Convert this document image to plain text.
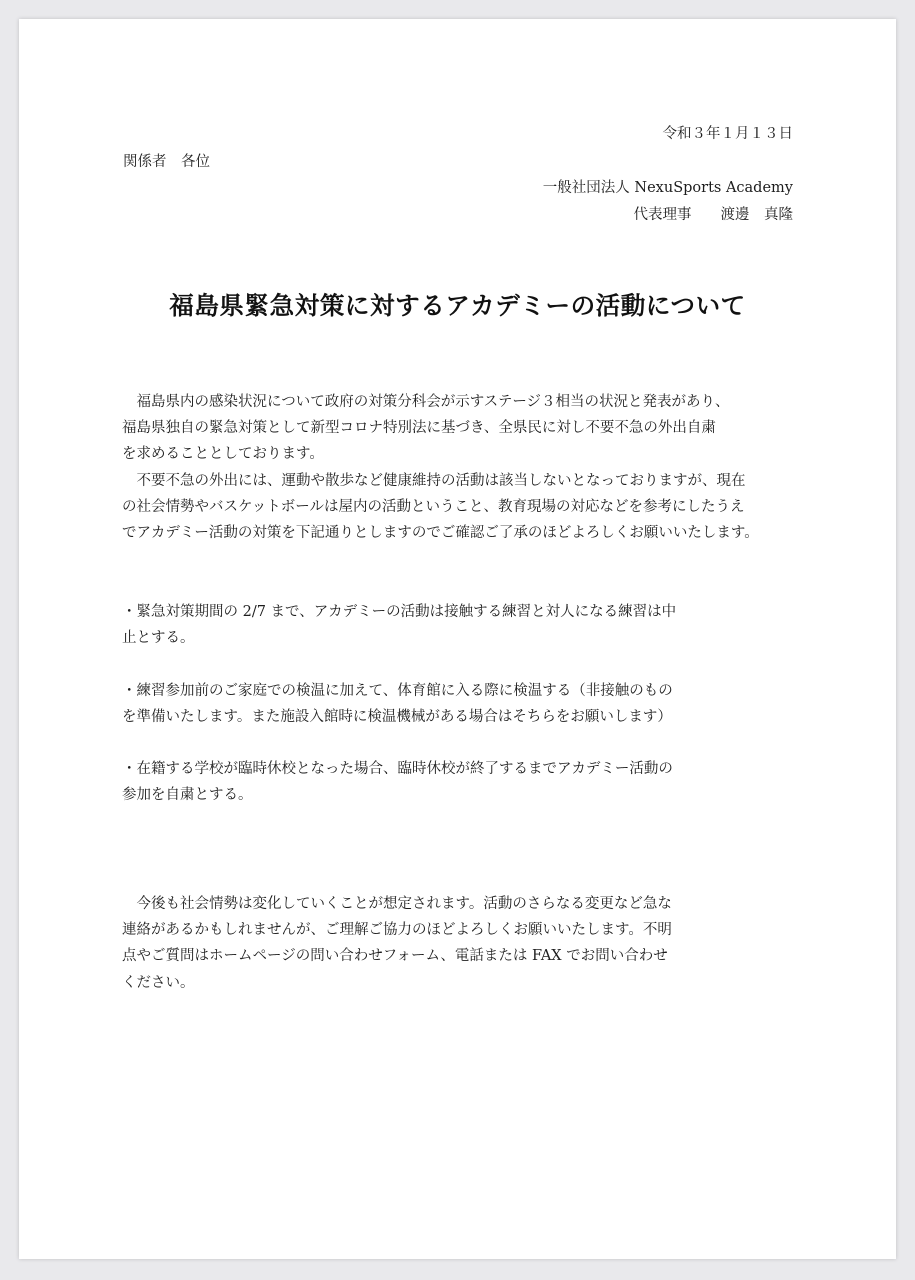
令和３年１月１３日

関係者　各位

一般社団法人 NexuSports Academy

代表理事　　渡邊　真隆

福島県緊急対策に対するアカデミーの活動について
　福島県内の感染状況について政府の対策分科会が示すステージ３相当の状況と発表があり、
福島県独自の緊急対策として新型コロナ特別法に基づき、全県民に対し不要不急の外出自粛
を求めることとしております。
　不要不急の外出には、運動や散歩など健康維持の活動は該当しないとなっておりますが、現在
の社会情勢やバスケットボールは屋内の活動ということ、教育現場の対応などを参考にしたうえ
でアカデミー活動の対策を下記通りとしますのでご確認ご了承のほどよろしくお願いいたします。
・緊急対策期間の 2/7 まで、アカデミーの活動は接触する練習と対人になる練習は中
止とする。
・練習参加前のご家庭での検温に加えて、体育館に入る際に検温する（非接触のもの
を準備いたします。また施設入館時に検温機械がある場合はそちらをお願いします）
・在籍する学校が臨時休校となった場合、臨時休校が終了するまでアカデミー活動の
参加を自粛とする。
　今後も社会情勢は変化していくことが想定されます。活動のさらなる変更など急な
連絡があるかもしれませんが、ご理解ご協力のほどよろしくお願いいたします。不明
点やご質問はホームページの問い合わせフォーム、電話または FAX でお問い合わせ
ください。
